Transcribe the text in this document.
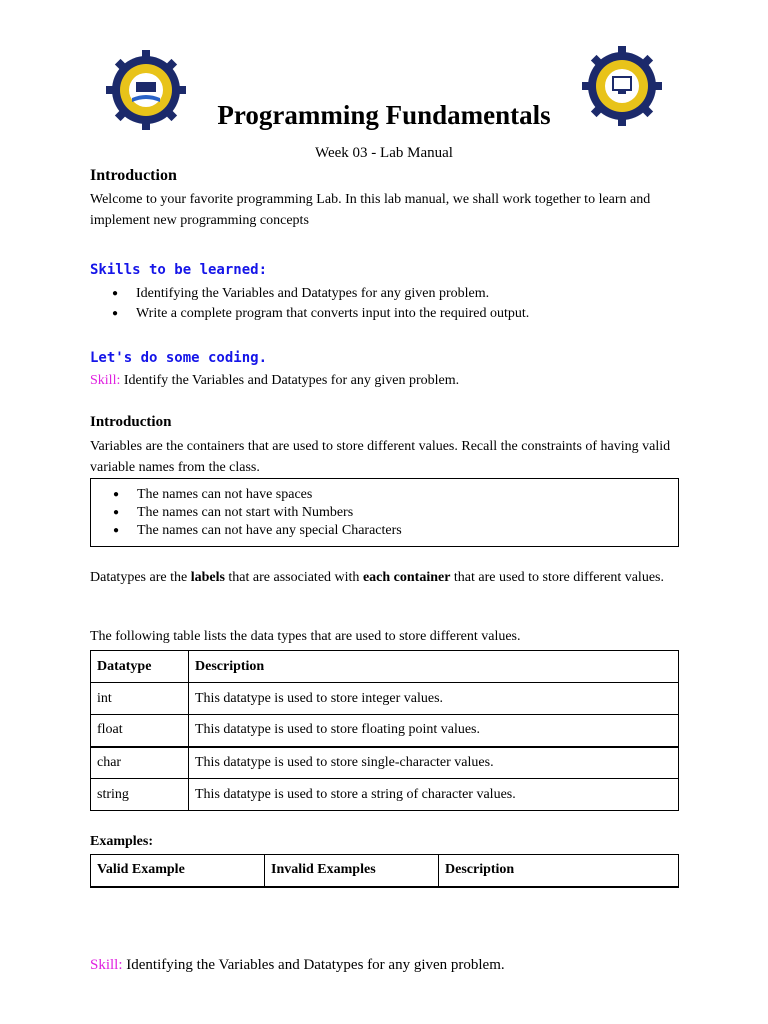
Programming Fundamentals
Week 03 - Lab Manual
Introduction
Welcome to your favorite programming Lab. In this lab manual, we shall work together to learn and implement new programming concepts
Skills to be learned:
● Identifying the Variables and Datatypes for any given problem.
● Write a complete program that converts input into the required output.
Let's do some coding.
Skill: Identify the Variables and Datatypes for any given problem.
Introduction
Variables are the containers that are used to store different values. Recall the constraints of having valid variable names from the class.
● The names can not have spaces
● The names can not start with Numbers
● The names can not have any special Characters
Datatypes are the labels that are associated with each container that are used to store different values.
The following table lists the data types that are used to store different values.
Datatype	Description
int	This datatype is used to store integer values.
float	This datatype is used to store floating point values.
char	This datatype is used to store single-character values.
string	This datatype is used to store a string of character values.
Examples:
Valid Example	Invalid Examples	Description
Skill: Identifying the Variables and Datatypes for any given problem.
